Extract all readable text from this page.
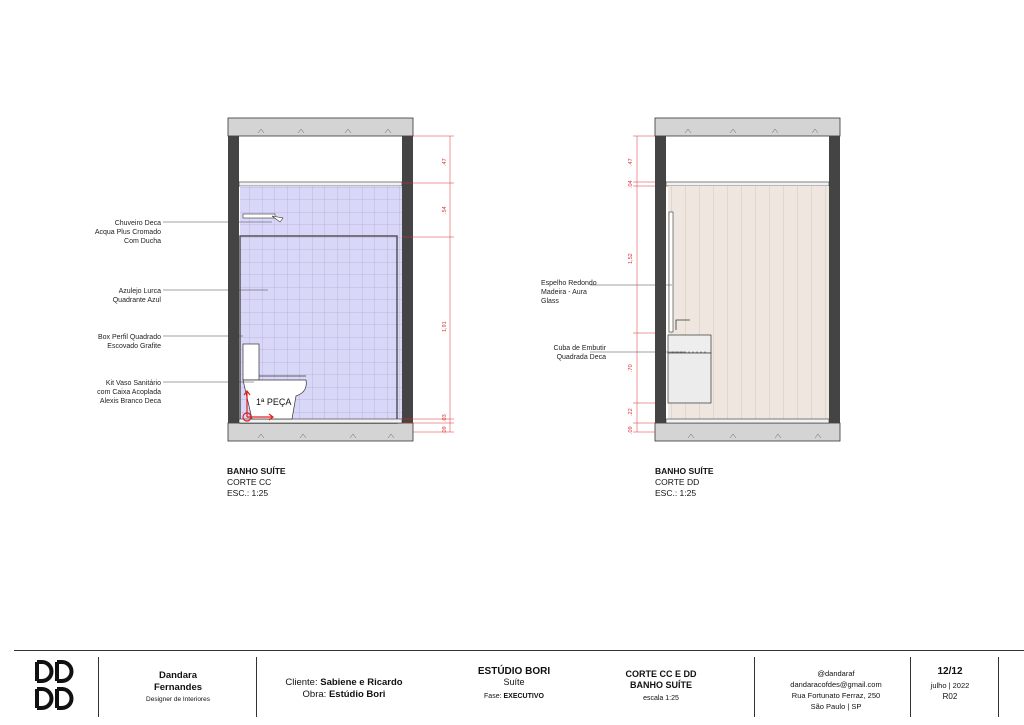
Chuveiro Deca
Acqua Plus Cromado
Com Ducha
Azulejo Lurca
Quadrante Azul
Box Perfil Quadrado
Escovado Grafite
Kit Vaso Sanitário
com Caixa Acoplada
Alexis Branco Deca	1ª PEÇA
.47
.54
1,91
.03
.09
BANHO SUÍTE
CORTE CC
ESC.: 1:25
Espelho Redondo
Madeira - Aura
Glass
Cuba de Embutir
Quadrada Deca
.47
.04
1,52
.70
.22
.09
BANHO SUÍTE
CORTE DD
ESC.: 1:25
Dandara
Fernandes
Designer de Interiores
Cliente: Sabiene e Ricardo
Obra: Estúdio Bori
ESTÚDIO BORI
Suíte
Fase: EXECUTIVO
CORTE CC E DD
BANHO SUÍTE
escala 1:25
@dandaraf
dandaracofdes@gmail.com
Rua Fortunato Ferraz, 250
São Paulo | SP
12/12
julho | 2022
R02
